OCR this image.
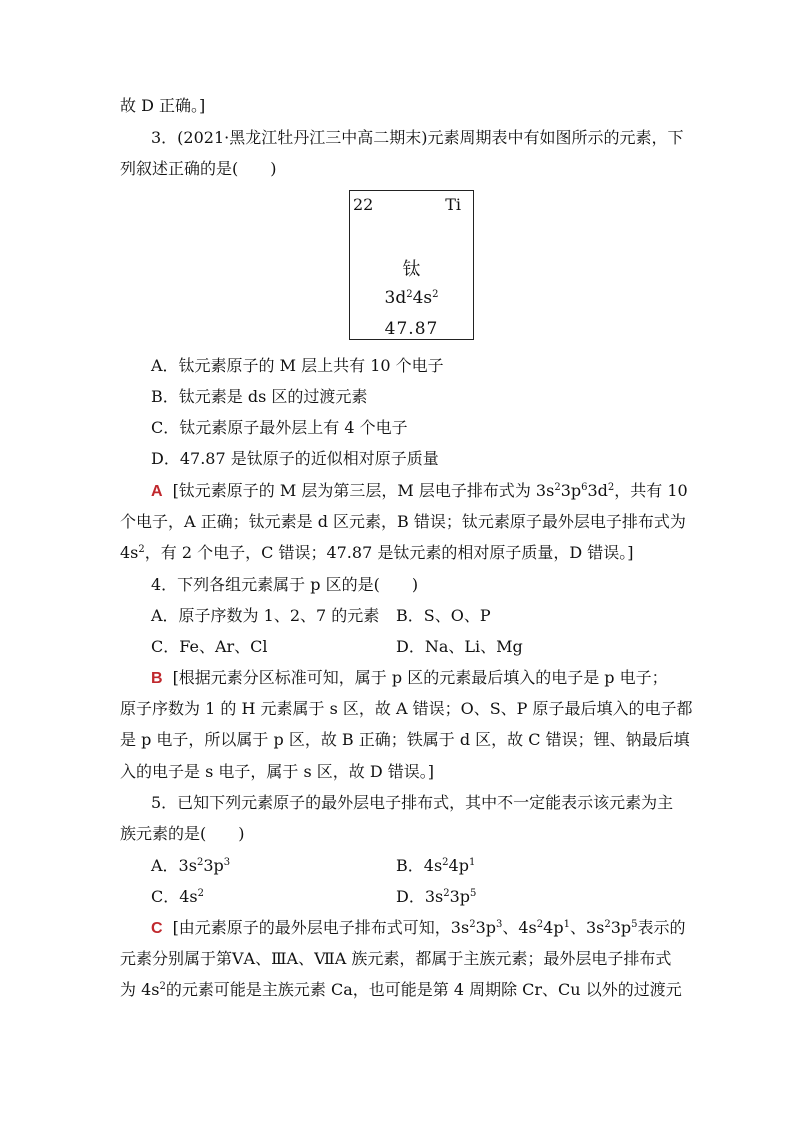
故 D 正确。]
3．(2021·黑龙江牡丹江三中高二期末)元素周期表中有如图所示的元素，下
列叙述正确的是(　　)
22	Ti
钛
$3d^24s^2$
47.87
A．钛元素原子的 M 层上共有 10 个电子
B．钛元素是 ds 区的过渡元素
C．钛元素原子最外层上有 4 个电子
D．47.87 是钛原子的近似相对原子质量
A [钛元素原子的 M 层为第三层，M 层电子排布式为 $3s^23p^63d^2$，共有 10
个电子，A 正确；钛元素是 d 区元素，B 错误；钛元素原子最外层电子排布式为
$4s^2$，有 2 个电子，C 错误；47.87 是钛元素的相对原子质量，D 错误。]
4．下列各组元素属于 p 区的是(　　)
A．原子序数为 1、2、7 的元素 B．S、O、P
C．Fe、Ar、Cl	D．Na、Li、Mg
B [根据元素分区标准可知，属于 p 区的元素最后填入的电子是 p 电子；
原子序数为 1 的 H 元素属于 s 区，故 A 错误；O、S、P 原子最后填入的电子都
是 p 电子，所以属于 p 区，故 B 正确；铁属于 d 区，故 C 错误；锂、钠最后填
入的电子是 s 电子，属于 s 区，故 D 错误。]
5．已知下列元素原子的最外层电子排布式，其中不一定能表示该元素为主
族元素的是(　　)
A．$3s^23p^3$	B．$4s^24p^1$
C．$4s^2$	D．$3s^23p^5$
C [由元素原子的最外层电子排布式可知，$3s^23p^3$、$4s^24p^1$、$3s^23p^5$表示的
元素分别属于第ⅤA、ⅢA、ⅦA 族元素，都属于主族元素；最外层电子排布式
为 $4s^2$的元素可能是主族元素 Ca，也可能是第 4 周期除 Cr、Cu 以外的过渡元
